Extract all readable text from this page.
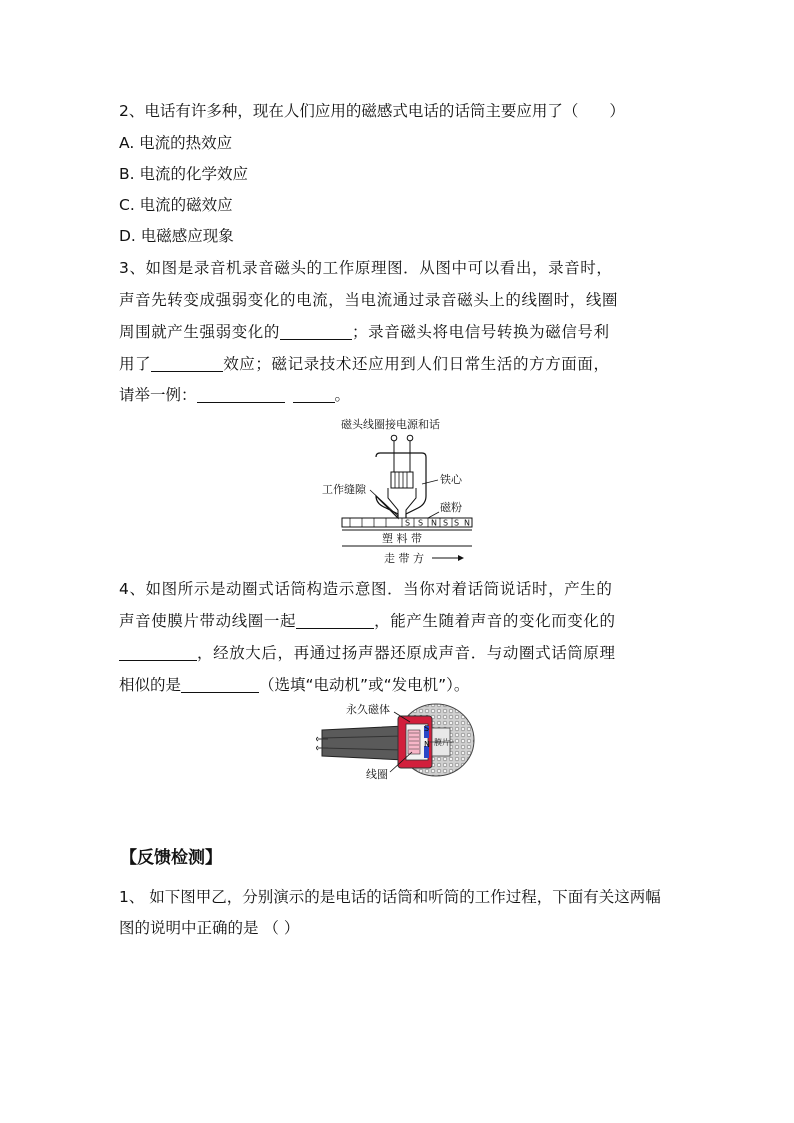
2、电话有许多种，现在人们应用的磁感式电话的话筒主要应用了（　　）
A. 电流的热效应
B. 电流的化学效应
C. 电流的磁效应
D. 电磁感应现象
3、如图是录音机录音磁头的工作原理图．从图中可以看出，录音时，
声音先转变成强弱变化的电流，当电流通过录音磁头上的线圈时，线圈
周围就产生强弱变化的	；录音磁头将电信号转换为磁信号利
用了	效应；磁记录技术还应用到人们日常生活的方方面面，
请举一例：	。
磁头线圈接电源和话
工作缝隙
铁心
磁粉
S S N S S N
塑 料 带
走 带 方
4、如图所示是动圈式话筒构造示意图．当你对着话筒说话时，产生的
声音使膜片带动线圈一起	，能产生随着声音的变化而变化的
，经放大后，再通过扬声器还原成声音．与动圈式话筒原理
相似的是	（选填“电动机”或“发电机”）。
S
N 膜片
永久磁体
线圈
【反馈检测】
1、 如下图甲乙，分别演示的是电话的话筒和听筒的工作过程，下面有关这两幅
图的说明中正确的是 （ ）
